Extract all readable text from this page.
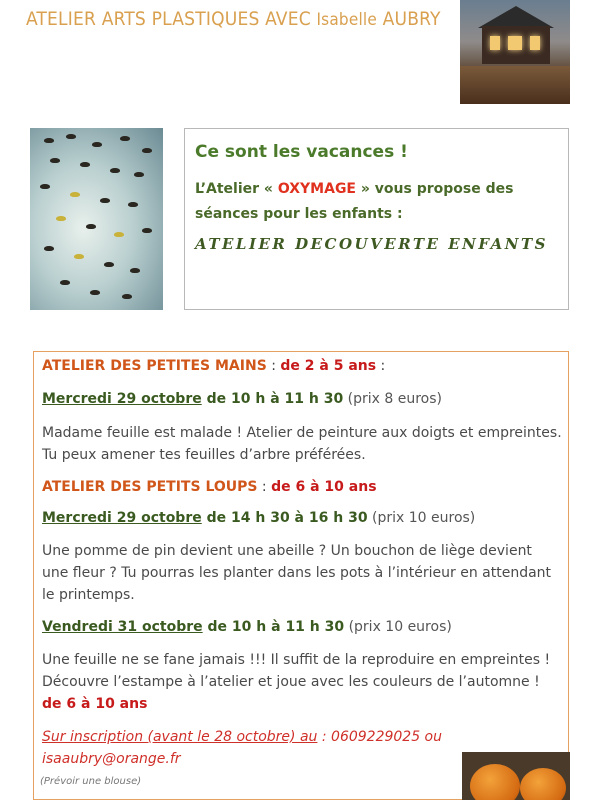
ATELIER ARTS PLASTIQUES AVEC Isabelle AUBRY
Ce sont les vacances !
L’Atelier « OXYMAGE » vous propose des séances pour les enfants :
ATELIER DECOUVERTE ENFANTS
ATELIER DES PETITES MAINS : de 2 à 5 ans :
Mercredi 29 octobre de 10 h à 11 h 30 (prix 8 euros)
Madame feuille est malade ! Atelier de peinture aux doigts et empreintes. Tu peux amener tes feuilles d’arbre préférées.
ATELIER DES PETITS LOUPS : de 6 à 10 ans
Mercredi 29 octobre de 14 h 30 à 16 h 30 (prix 10 euros)
Une pomme de pin devient une abeille ? Un bouchon de liège devient une fleur ? Tu pourras les planter dans les pots à l’intérieur en attendant le printemps.
Vendredi 31 octobre de 10 h à 11 h 30 (prix 10 euros)
Une feuille ne se fane jamais !!! Il suffit de la reproduire en empreintes ! Découvre l’estampe à l’atelier et joue avec les couleurs de l’automne ! de 6 à 10 ans
Sur inscription (avant le 28 octobre) au : 0609229025 ou isaaubry@orange.fr
(Prévoir une blouse)
